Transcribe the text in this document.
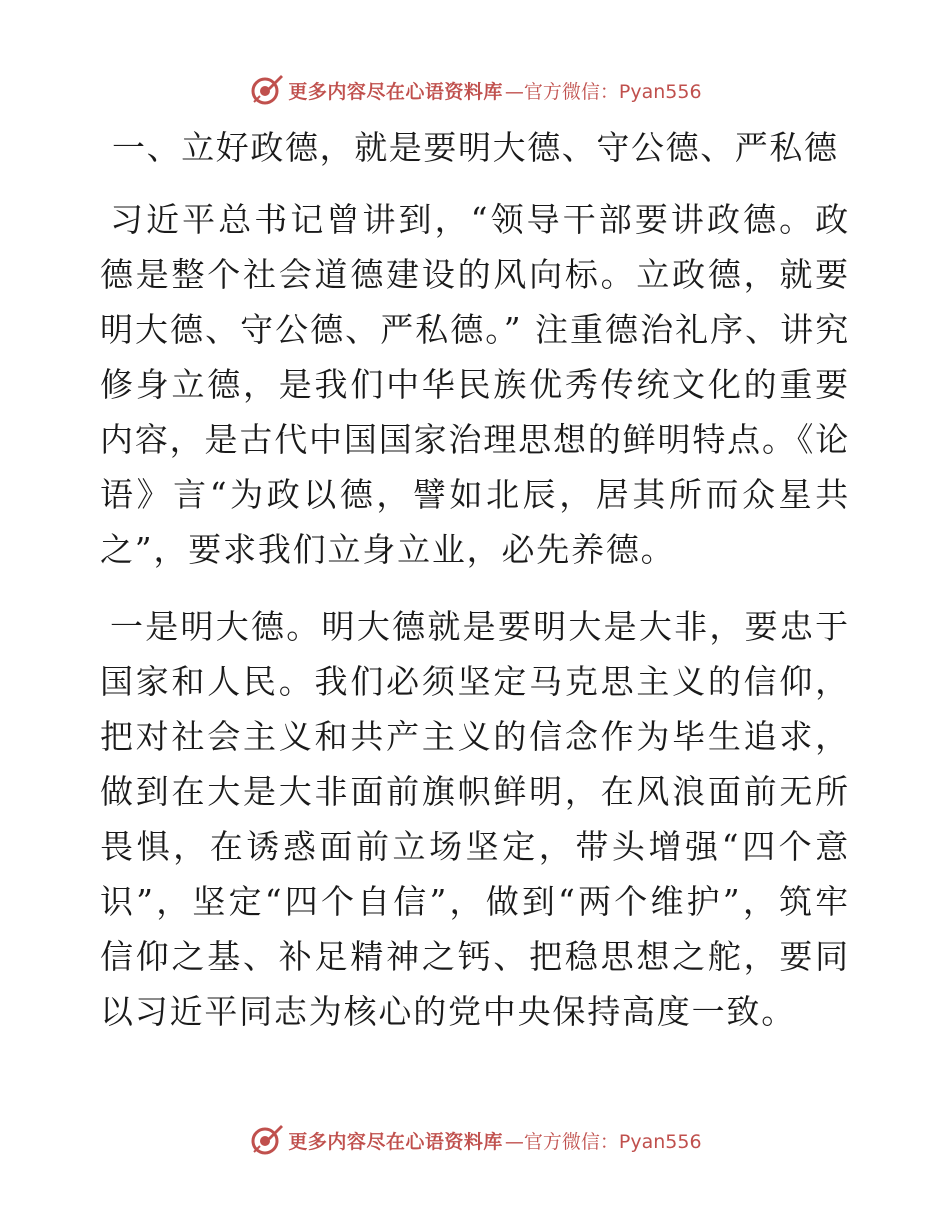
更多内容尽在心语资料库 —官方微信：Pyan556
一、立好政德，就是要明大德、守公德、严私德

习近平总书记曾讲到，“领导干部要讲政德。政德是整个社会道德建设的风向标。立政德，就要明大德、守公德、严私德。” 注重德治礼序、讲究修身立德，是我们中华民族优秀传统文化的重要内容，是古代中国国家治理思想的鲜明特点。《论语》言“为政以德，譬如北辰，居其所而众星共之”，要求我们立身立业，必先养德。

一是明大德。明大德就是要明大是大非，要忠于国家和人民。我们必须坚定马克思主义的信仰，把对社会主义和共产主义的信念作为毕生追求，做到在大是大非面前旗帜鲜明，在风浪面前无所畏惧，在诱惑面前立场坚定，带头增强“四个意识”，坚定“四个自信”，做到“两个维护”，筑牢信仰之基、补足精神之钙、把稳思想之舵，要同以习近平同志为核心的党中央保持高度一致。

更多内容尽在心语资料库 —官方微信：Pyan556
